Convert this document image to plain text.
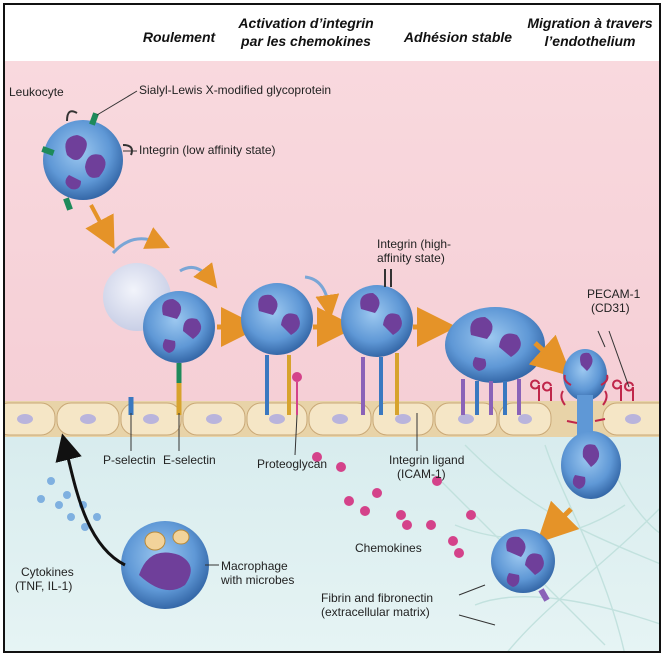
Roulement
Activation d’integrin
par les chemokines	Adhésion stable
Migration à travers
l’endothelium
Leukocyte	Sialyl-Lewis X-modified glycoprotein
Integrin (low affinity state)
Integrin (high-
affinity state)
PECAM-1
(CD31)
P-selectin E-selectin	Proteoglycan	Integrin ligand
(ICAM-1)
Chemokines
Cytokines
(TNF, IL-1)
Macrophage
with microbes
Fibrin and fibronectin
(extracellular matrix)
